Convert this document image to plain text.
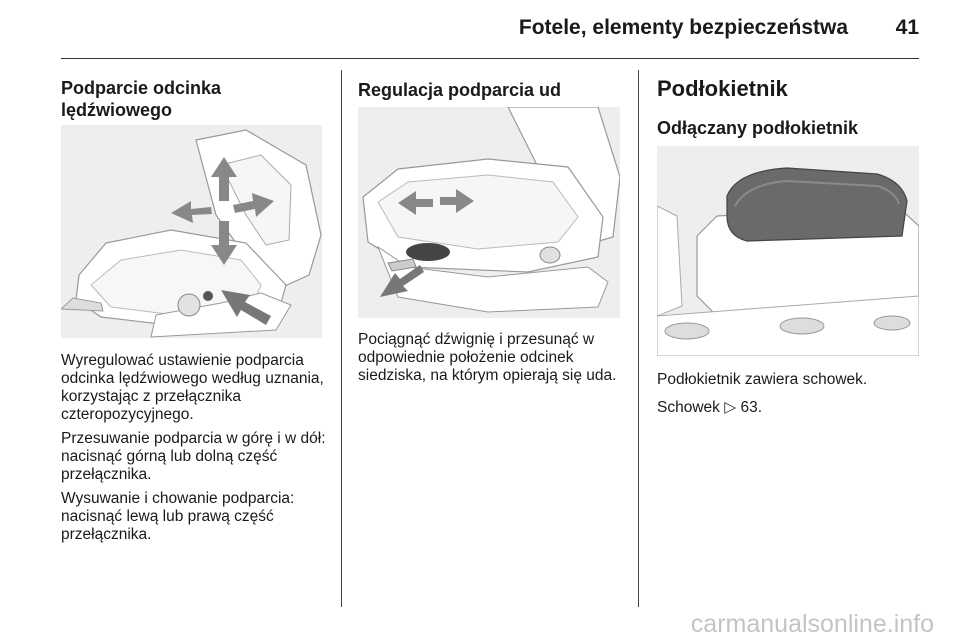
Fotele, elementy bezpieczeństwa 41
Podparcie odcinka lędźwiowego

Wyregulować ustawienie podparcia odcinka lędźwiowego według uznania, korzystając z przełącznika czteropozycyjnego.

Przesuwanie podparcia w górę i w dół: nacisnąć górną lub dolną część przełącznika.

Wysuwanie i chowanie podparcia: nacisnąć lewą lub prawą część przełącznika.

Regulacja podparcia ud

Pociągnąć dźwignię i przesunąć w odpowiednie położenie odcinek siedziska, na którym opierają się uda.

Podłokietnik
Odłączany podłokietnik

Podłokietnik zawiera schowek.

Schowek ▷ 63.

carmanualsonline.info
